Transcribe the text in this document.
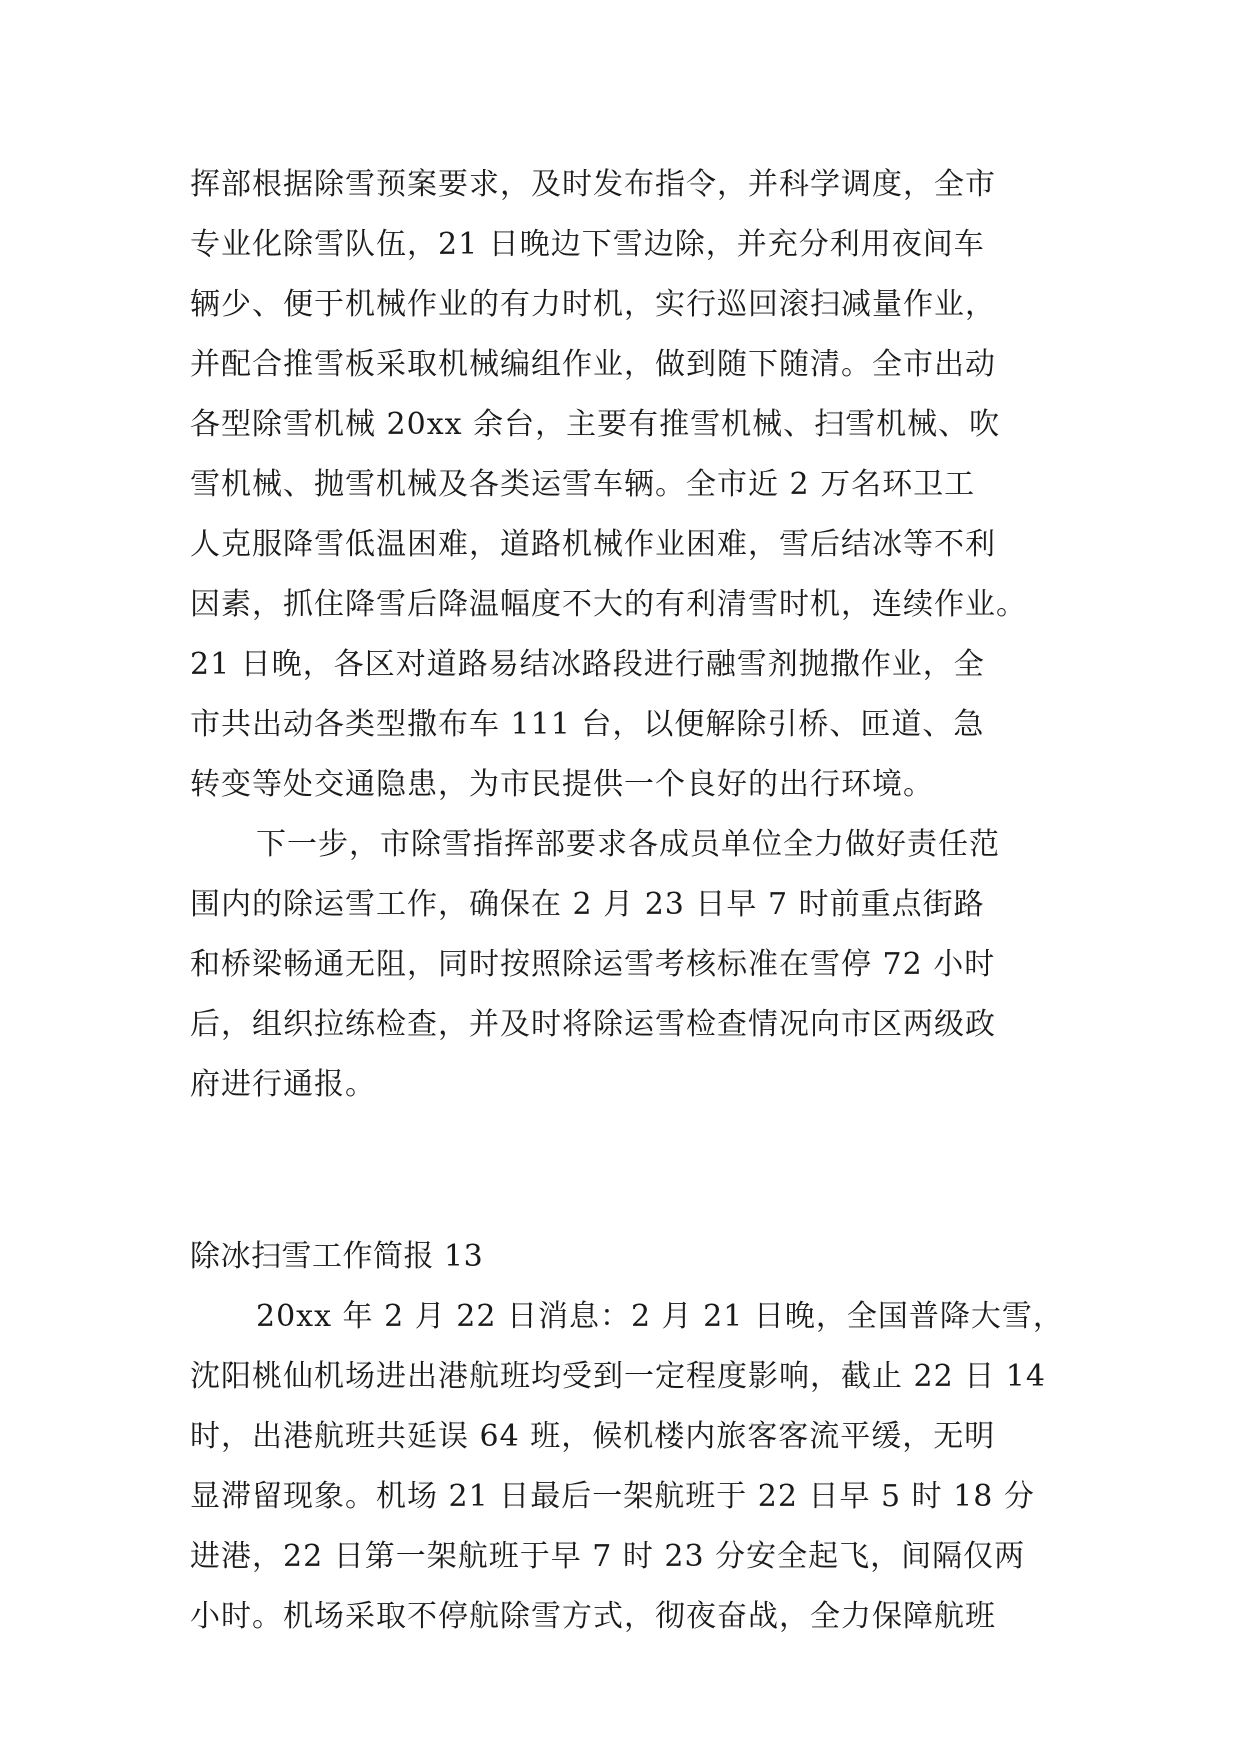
挥部根据除雪预案要求，及时发布指令，并科学调度，全市
专业化除雪队伍，21 日晚边下雪边除，并充分利用夜间车
辆少、便于机械作业的有力时机，实行巡回滚扫减量作业，
并配合推雪板采取机械编组作业，做到随下随清。全市出动
各型除雪机械 20xx 余台，主要有推雪机械、扫雪机械、吹
雪机械、抛雪机械及各类运雪车辆。全市近 2 万名环卫工
人克服降雪低温困难，道路机械作业困难，雪后结冰等不利
因素，抓住降雪后降温幅度不大的有利清雪时机，连续作业。
21 日晚，各区对道路易结冰路段进行融雪剂抛撒作业，全
市共出动各类型撒布车 111 台，以便解除引桥、匝道、急
转变等处交通隐患，为市民提供一个良好的出行环境。
下一步，市除雪指挥部要求各成员单位全力做好责任范
围内的除运雪工作，确保在 2 月 23 日早 7 时前重点街路
和桥梁畅通无阻，同时按照除运雪考核标准在雪停 72 小时
后，组织拉练检查，并及时将除运雪检查情况向市区两级政
府进行通报。
除冰扫雪工作简报 13
20xx 年 2 月 22 日消息：2 月 21 日晚，全国普降大雪，
沈阳桃仙机场进出港航班均受到一定程度影响，截止 22 日 14
时，出港航班共延误 64 班，候机楼内旅客客流平缓，无明
显滞留现象。机场 21 日最后一架航班于 22 日早 5 时 18 分
进港，22 日第一架航班于早 7 时 23 分安全起飞，间隔仅两
小时。机场采取不停航除雪方式，彻夜奋战，全力保障航班
